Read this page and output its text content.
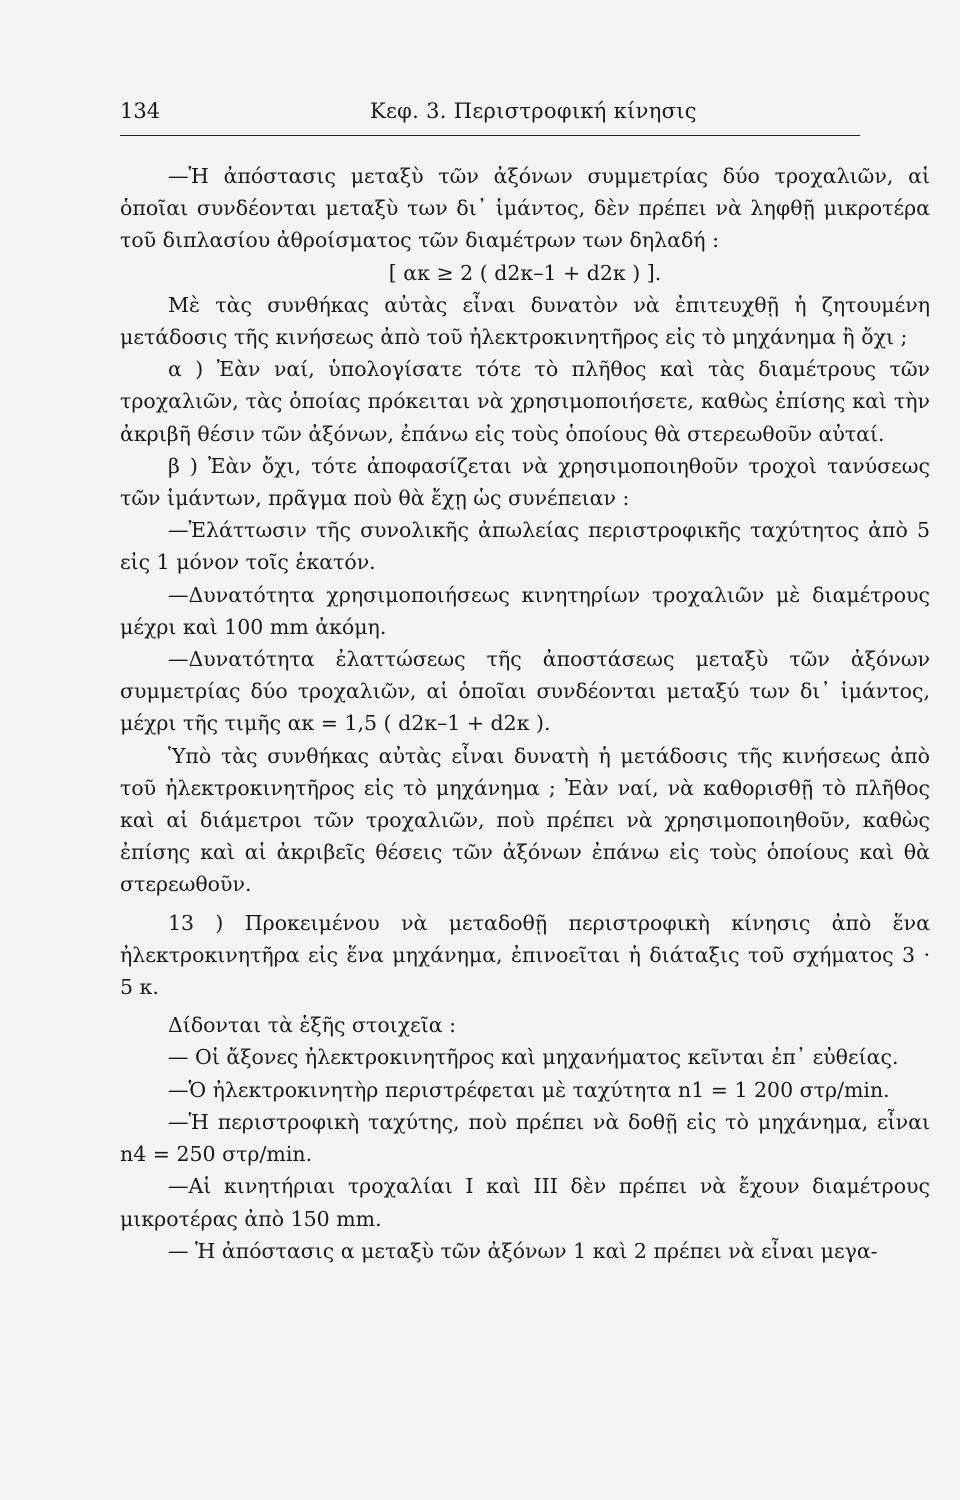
134	Κεφ. 3. Περιστροφική κίνησις

—Ἡ ἀπόστασις μεταξὺ τῶν ἀξόνων συμμετρίας δύο τροχαλιῶν, αἱ ὁποῖαι συνδέονται μεταξὺ των δι᾽ ἱμάντος, δὲν πρέπει νὰ ληφθῇ μικροτέρα τοῦ διπλασίου ἀθροίσματος τῶν διαμέτρων των δηλαδή :

[ ακ ≥ 2 ( d2κ–1 + d2κ ) ].

Μὲ τὰς συνθήκας αὐτὰς εἶναι δυνατὸν νὰ ἐπιτευχθῇ ἡ ζητουμένη μετάδοσις τῆς κινήσεως ἀπὸ τοῦ ἠλεκτροκινητῆρος εἰς τὸ μηχάνημα ἢ ὄχι ;

α ) Ἐὰν ναί, ὑπολογίσατε τότε τὸ πλῆθος καὶ τὰς διαμέτρους τῶν τροχαλιῶν, τὰς ὁποίας πρόκειται νὰ χρησιμοποιήσετε, καθὼς ἐπίσης καὶ τὴν ἀκριβῆ θέσιν τῶν ἀξόνων, ἐπάνω εἰς τοὺς ὁποίους θὰ στερεωθοῦν αὐταί.

β ) Ἐὰν ὄχι, τότε ἀποφασίζεται νὰ χρησιμοποιηθοῦν τροχοὶ τανύσεως τῶν ἱμάντων, πρᾶγμα ποὺ θὰ ἔχῃ ὡς συνέπειαν :

—Ἐλάττωσιν τῆς συνολικῆς ἀπωλείας περιστροφικῆς ταχύτητος ἀπὸ 5 εἰς 1 μόνον τοῖς ἑκατόν.

—Δυνατότητα χρησιμοποιήσεως κινητηρίων τροχαλιῶν μὲ διαμέτρους μέχρι καὶ 100 mm ἀκόμη.

—Δυνατότητα ἐλαττώσεως τῆς ἀποστάσεως μεταξὺ τῶν ἀξόνων συμμετρίας δύο τροχαλιῶν, αἱ ὁποῖαι συνδέονται μεταξύ των δι᾽ ἱμάντος, μέχρι τῆς τιμῆς ακ = 1,5 ( d2κ–1 + d2κ ).

Ὑπὸ τὰς συνθήκας αὐτὰς εἶναι δυνατὴ ἡ μετάδοσις τῆς κινήσεως ἀπὸ τοῦ ἠλεκτροκινητῆρος εἰς τὸ μηχάνημα ; Ἐὰν ναί, νὰ καθορισθῇ τὸ πλῆθος καὶ αἱ διάμετροι τῶν τροχαλιῶν, ποὺ πρέπει νὰ χρησιμοποιηθοῦν, καθὼς ἐπίσης καὶ αἱ ἀκριβεῖς θέσεις τῶν ἀξόνων ἐπάνω εἰς τοὺς ὁποίους καὶ θὰ στερεωθοῦν.

13 ) Προκειμένου νὰ μεταδοθῇ περιστροφικὴ κίνησις ἀπὸ ἕνα ἠλεκτροκινητῆρα εἰς ἕνα μηχάνημα, ἐπινοεῖται ἡ διάταξις τοῦ σχήματος 3 · 5 κ.

Δίδονται τὰ ἑξῆς στοιχεῖα :

— Οἱ ἄξονες ἠλεκτροκινητῆρος καὶ μηχανήματος κεῖνται ἐπ᾽ εὐθείας.

—Ὁ ἠλεκτροκινητὴρ περιστρέφεται μὲ ταχύτητα n1 = 1 200 στρ/min.

—Ἡ περιστροφικὴ ταχύτης, ποὺ πρέπει νὰ δοθῇ εἰς τὸ μηχάνημα, εἶναι n4 = 250 στρ/min.

—Αἱ κινητήριαι τροχαλίαι I καὶ III δὲν πρέπει νὰ ἔχουν διαμέτρους μικροτέρας ἀπὸ 150 mm.

— Ἡ ἀπόστασις α μεταξὺ τῶν ἀξόνων 1 καὶ 2 πρέπει νὰ εἶναι μεγα-
